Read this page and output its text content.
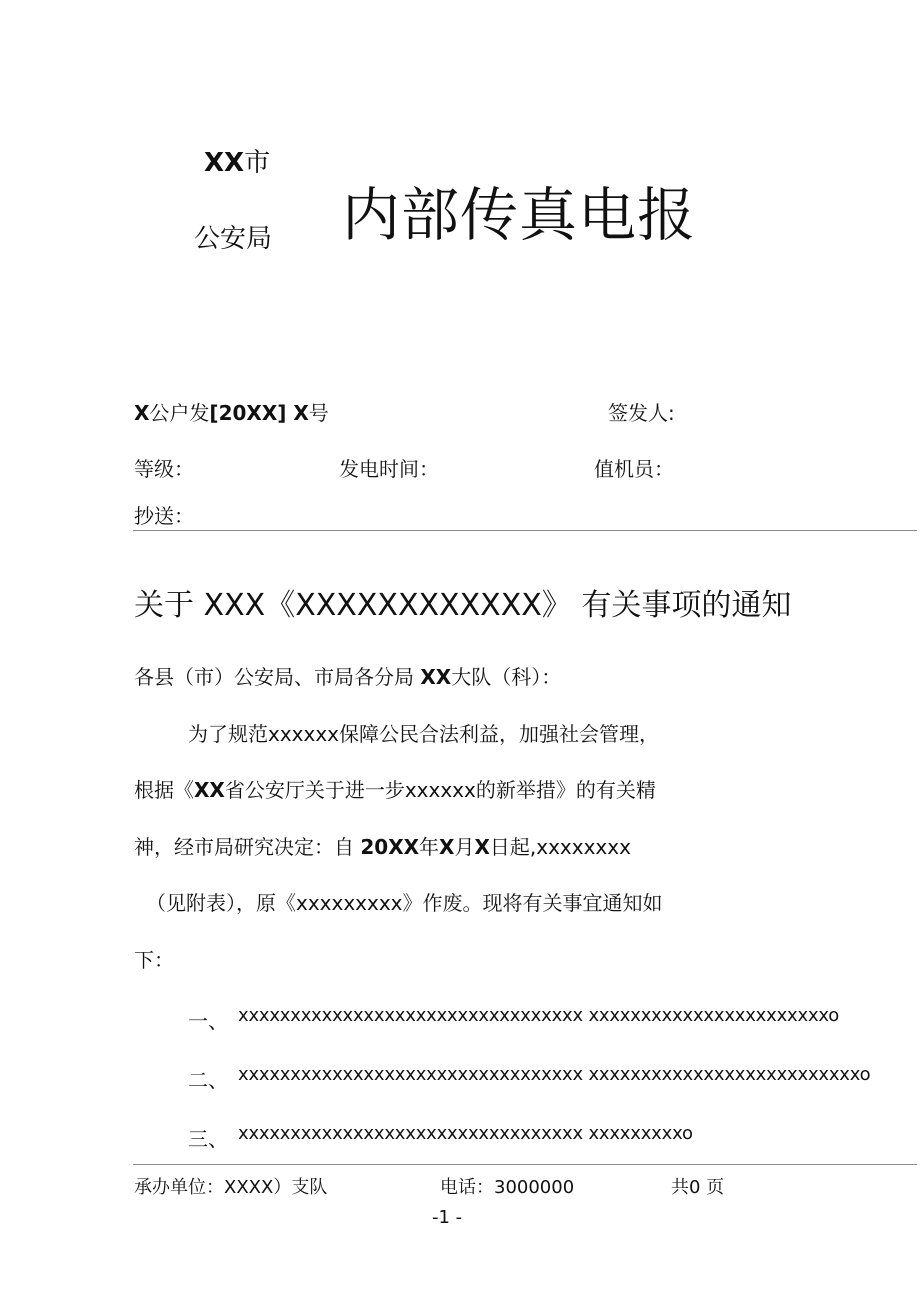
XX市
公安局 内部传真电报
X公户发[20XX] X号	签发人:
等级：	发电时间：	值机员：
抄送：
关于 XXX《XXXXXXXXXXXX》 有关事项的通知
各县（市）公安局、市局各分局 XX大队（科）：
为了规范xxxxxx保障公民合法利益，加强社会管理，
根据《XX省公安厅关于进一步xxxxxx的新举措》的有关精
神，经市局研究决定：自 20XX年X月X日起,xxxxxxxx
（见附表），原《xxxxxxxxx》作废。现将有关事宜通知如
下：
一、 xxxxxxxxxxxxxxxxxxxxxxxxxxxxxxxxx xxxxxxxxxxxxxxxxxxxxxxxo
二、 xxxxxxxxxxxxxxxxxxxxxxxxxxxxxxxxx xxxxxxxxxxxxxxxxxxxxxxxxxxo
三、 xxxxxxxxxxxxxxxxxxxxxxxxxxxxxxxxx xxxxxxxxxo
承办单位：XXXX）支队	电话：3000000	共0 页
-1 -
